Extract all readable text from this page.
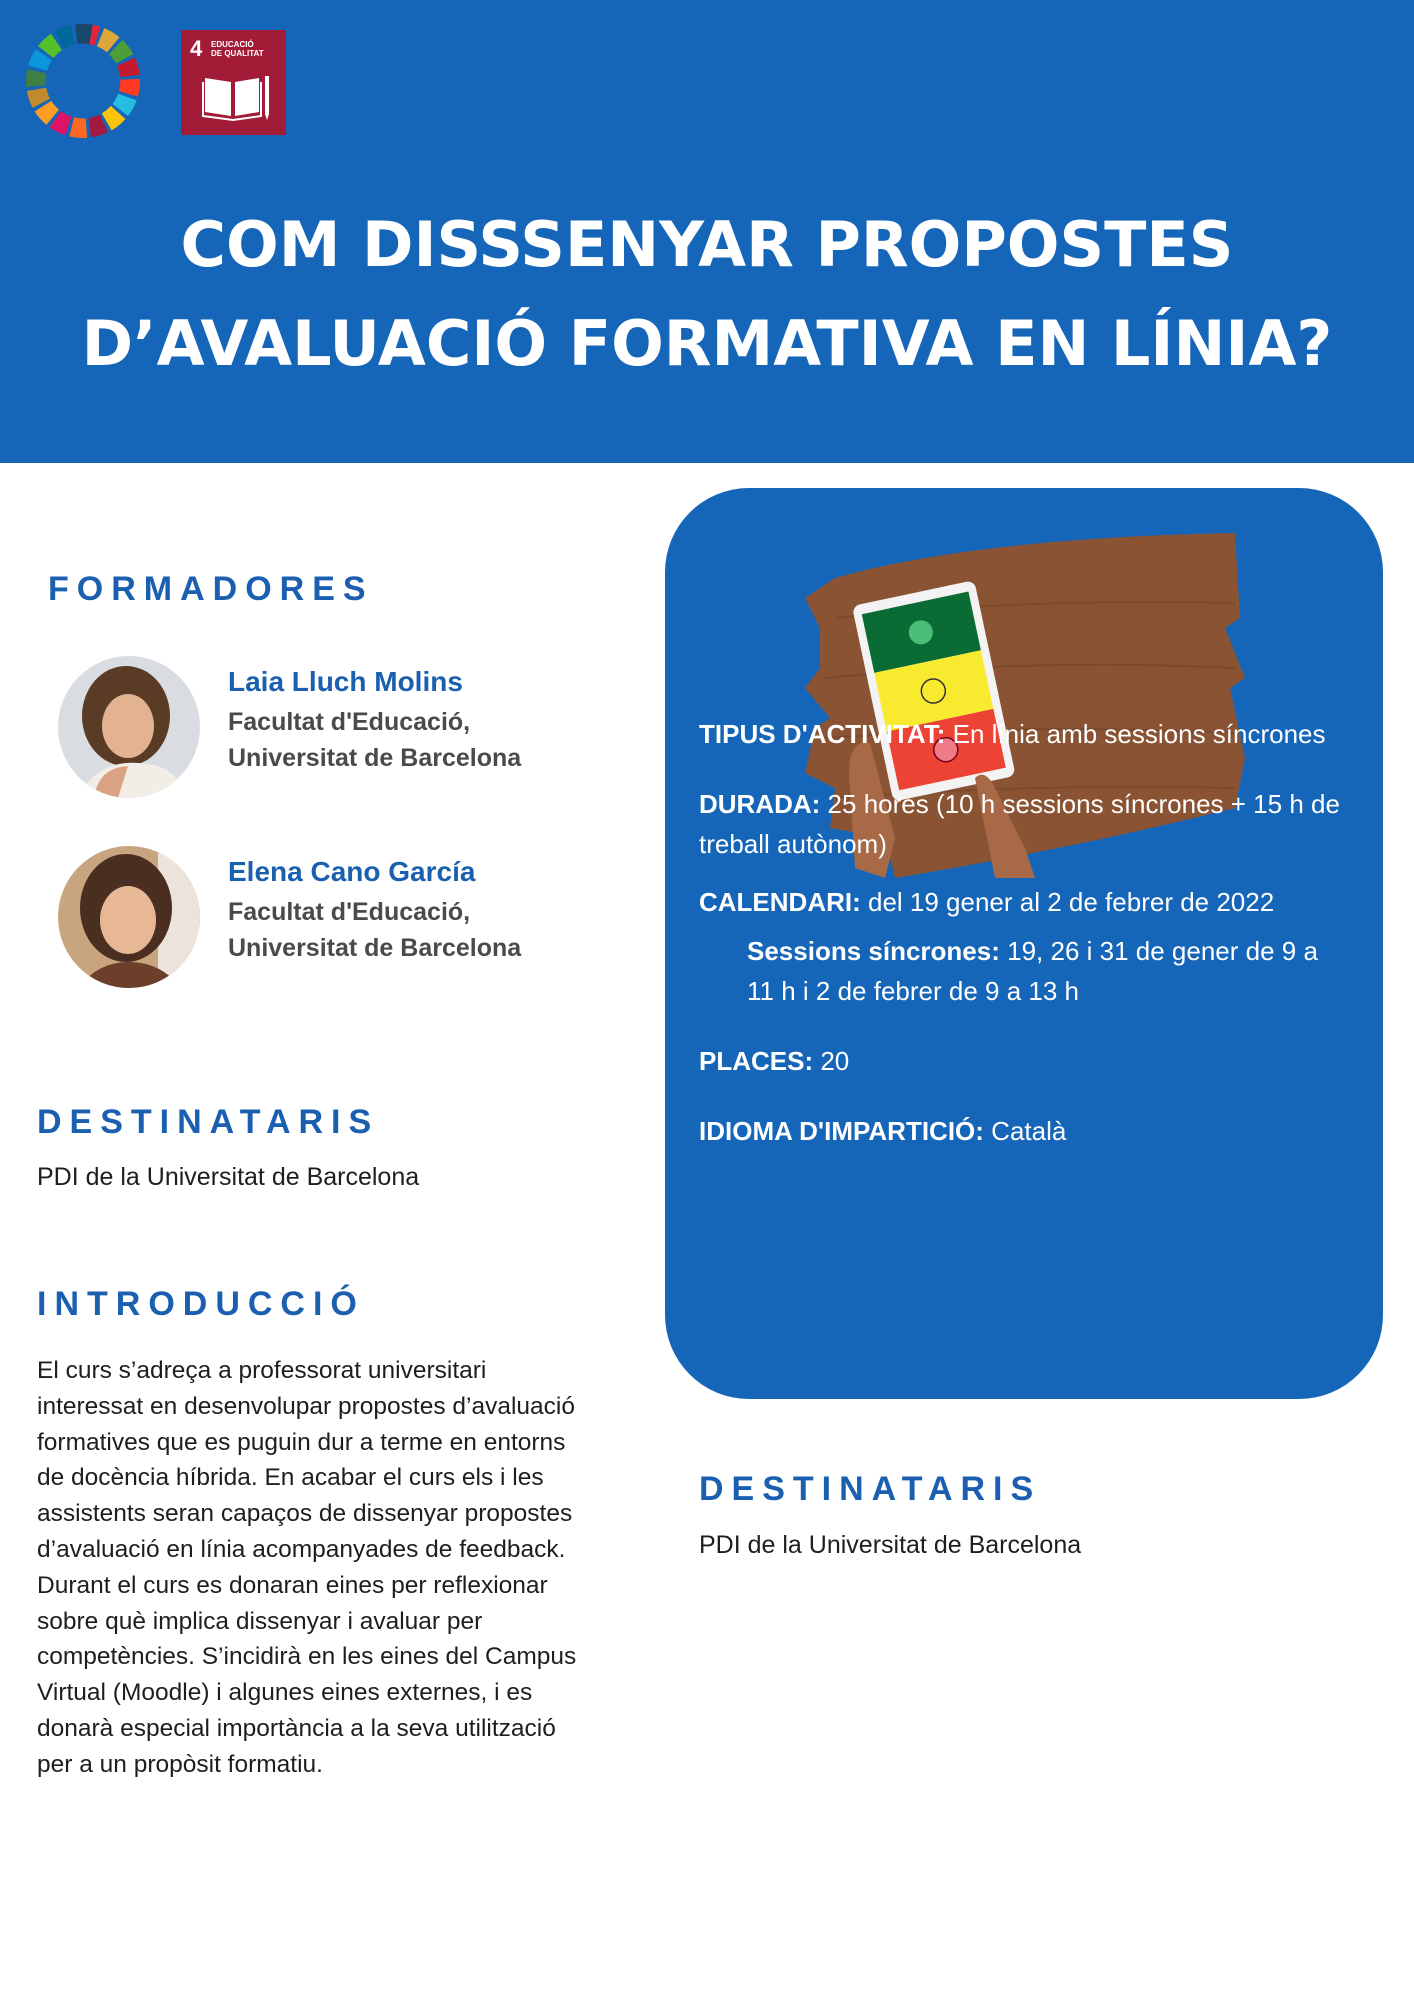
4 EDUCACIÓ
DE QUALITAT
COM DISSSENYAR PROPOSTES
D’AVALUACIÓ FORMATIVA EN LÍNIA?
FORMADORES
Laia Lluch Molins
Facultat d'Educació,
Universitat de Barcelona
Elena Cano García
Facultat d'Educació,
Universitat de Barcelona
DESTINATARIS
PDI de la Universitat de Barcelona
INTRODUCCIÓ
El curs s’adreça a professorat universitari
interessat en desenvolupar propostes d’avaluació
formatives que es puguin dur a terme en entorns
de docència híbrida. En acabar el curs els i les
assistents seran capaços de dissenyar propostes
d’avaluació en línia acompanyades de feedback.
Durant el curs es donaran eines per reflexionar
sobre què implica dissenyar i avaluar per
competències. S’incidirà en les eines del Campus
Virtual (Moodle) i algunes eines externes, i es
donarà especial importància a la seva utilització
per a un propòsit formatiu.
TIPUS D'ACTIVITAT: En línia amb sessions síncrones
DURADA: 25 hores (10 h sessions síncrones + 15 h de treball autònom)
CALENDARI: del 19 gener al 2 de febrer de 2022
Sessions síncrones: 19, 26 i 31 de gener de 9 a 11 h i 2 de febrer de 9 a 13 h
PLACES: 20
IDIOMA D'IMPARTICIÓ: Català
DESTINATARIS
PDI de la Universitat de Barcelona
